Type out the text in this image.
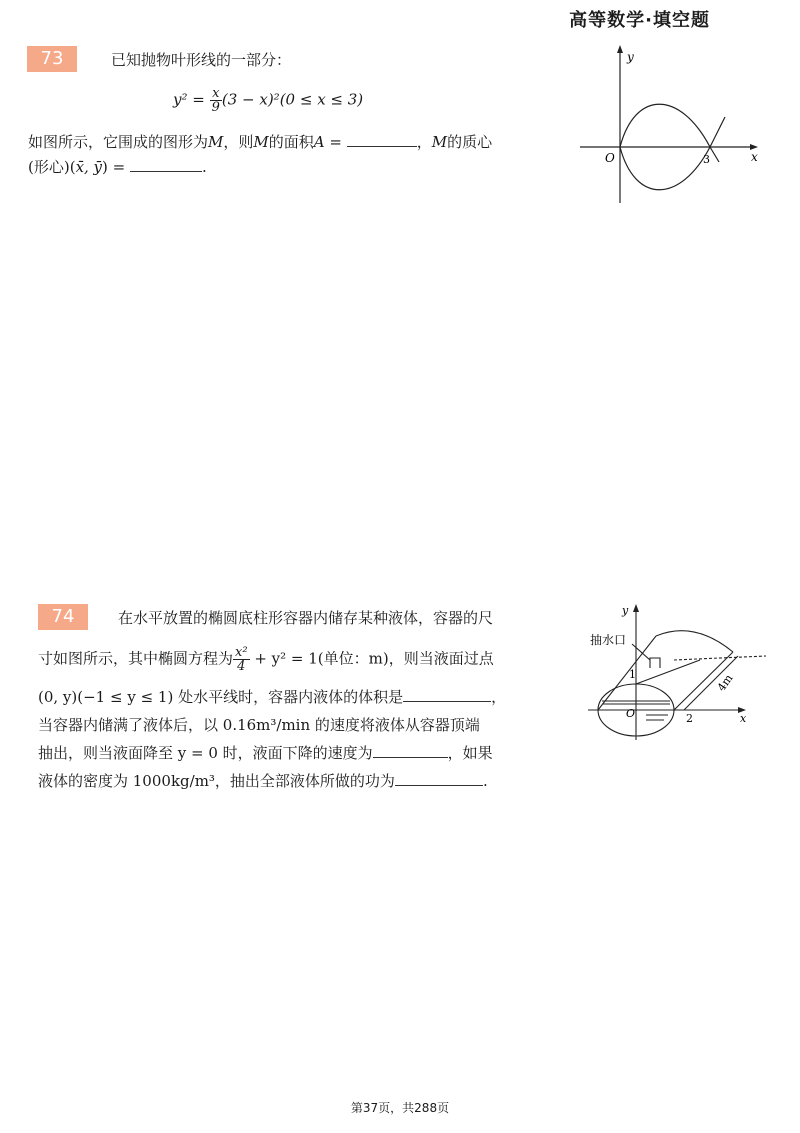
高等数学·填空题
73	已知抛物叶形线的一部分：
$y^2 = \frac{x}{9} (3 - x)^2(0 \le x \le 3)$
如图所示，它围成的图形为M，则M的面积A =	，M的质心
(形心)(x̄, ȳ) =	.
y
x
O	3
74	在水平放置的椭圆底柱形容器内储存某种液体，容器的尺
寸如图所示，其中椭圆方程为 $\frac{\text{x²}}{4} + y^2 = 1$(单位：m)，则当液面过点
(0, y)(−1 ≤ y ≤ 1) 处水平线时，容器内液体的体积是	，
当容器内储满了液体后，以 0.16m³/min 的速度将液体从容器顶端
抽出，则当液面降至 y = 0 时，液面下降的速度为	，如果
液体的密度为 1000kg/m³，抽出全部液体所做的功为	.
抽水口
y
x
O
1
2
4m
第37页，共288页
